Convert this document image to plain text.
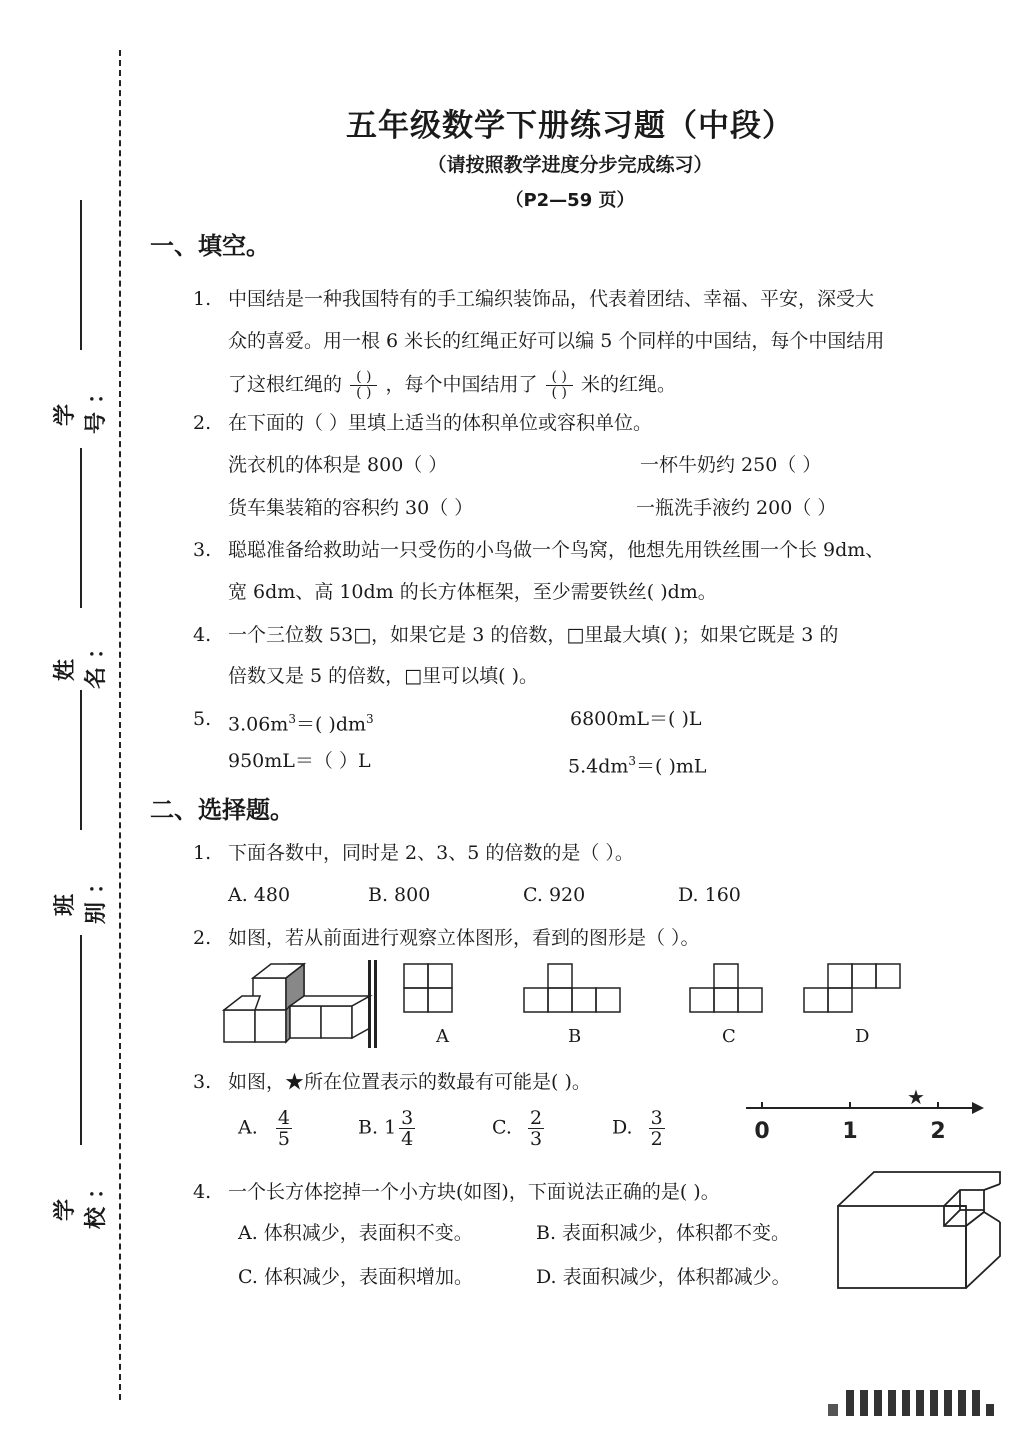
学号：
姓名：
班别：
学校：
五年级数学下册练习题（中段）
（请按照教学进度分步完成练习）
（P2—59 页）
一、填空。
1. 中国结是一种我国特有的手工编织装饰品，代表着团结、幸福、平安，深受大
众的喜爱。用一根 6 米长的红绳正好可以编 5 个同样的中国结，每个中国结用
了这根红绳的 $\frac{( )}{( )}$ ，每个中国结用了 $\frac{( )}{( )}$ 米的红绳。
2. 在下面的（ ）里填上适当的体积单位或容积单位。
洗衣机的体积是 800（ ）	一杯牛奶约 250（ ）
货车集装箱的容积约 30（ ）	一瓶洗手液约 200（ ）
3. 聪聪准备给救助站一只受伤的小鸟做一个鸟窝，他想先用铁丝围一个长 9dm、
宽 6dm、高 10dm 的长方体框架，至少需要铁丝( )dm。
4. 一个三位数 53□，如果它是 3 的倍数，□里最大填( )；如果它既是 3 的
倍数又是 5 的倍数，□里可以填( )。
5. $3.06m^3=$( )$dm^3$	6800mL＝( )L
950mL＝（ ）L	$5.4dm^3=$( )mL
二、选择题。
1. 下面各数中，同时是 2、3、5 的倍数的是（ ）。
A. 480	B. 800	C. 920	D. 160
2. 如图，若从前面进行观察立体图形，看到的图形是（ ）。
A	B	C	D
3. 如图，★所在位置表示的数最有可能是( )。
A. $\frac{4}{5}$	B. $1 \frac{3}{4}$	C. $\frac{2}{3}$	D. $\frac{3}{2}$
★
0	1	2
4. 一个长方体挖掉一个小方块(如图)，下面说法正确的是( )。
A. 体积减少，表面积不变。	B. 表面积减少，体积都不变。
C. 体积减少，表面积增加。	D. 表面积减少，体积都减少。
